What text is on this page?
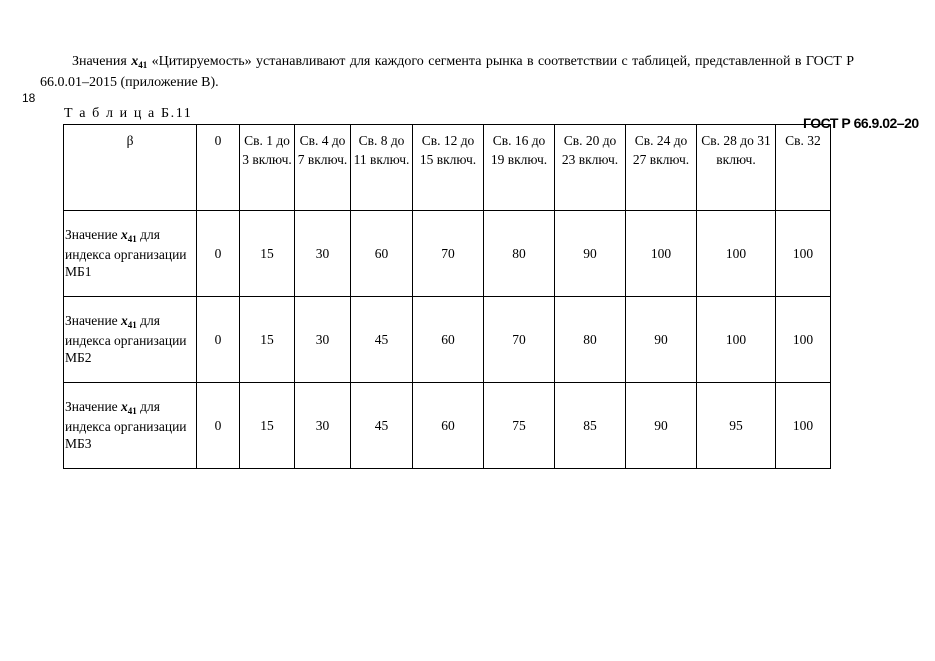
Значения $x_{41}$ «Цитируемость» устанавливают для каждого сегмента рынка в соответствии с таблицей, представленной в ГОСТ Р 66.0.01–2015 (приложение В).
18
ГОСТ Р 66.9.02–20
Т а б л и ц а Б.11
β	0	Св. 1 до 3 включ.	Св. 4 до 7 включ.	Св. 8 до 11 включ.	Св. 12 до 15 включ.	Св. 16 до 19 включ.	Св. 20 до 23 включ.	Св. 24 до 27 включ.	Св. 28 до 31 включ.	Св. 32

Значение $x_{41}$ для индекса организации МБ1	0	15	30	60	70	80	90	100	100	100
Значение $x_{41}$ для индекса организации МБ2	0	15	30	45	60	70	80	90	100	100
Значение $x_{41}$ для индекса организации МБ3	0	15	30	45	60	75	85	90	95	100
